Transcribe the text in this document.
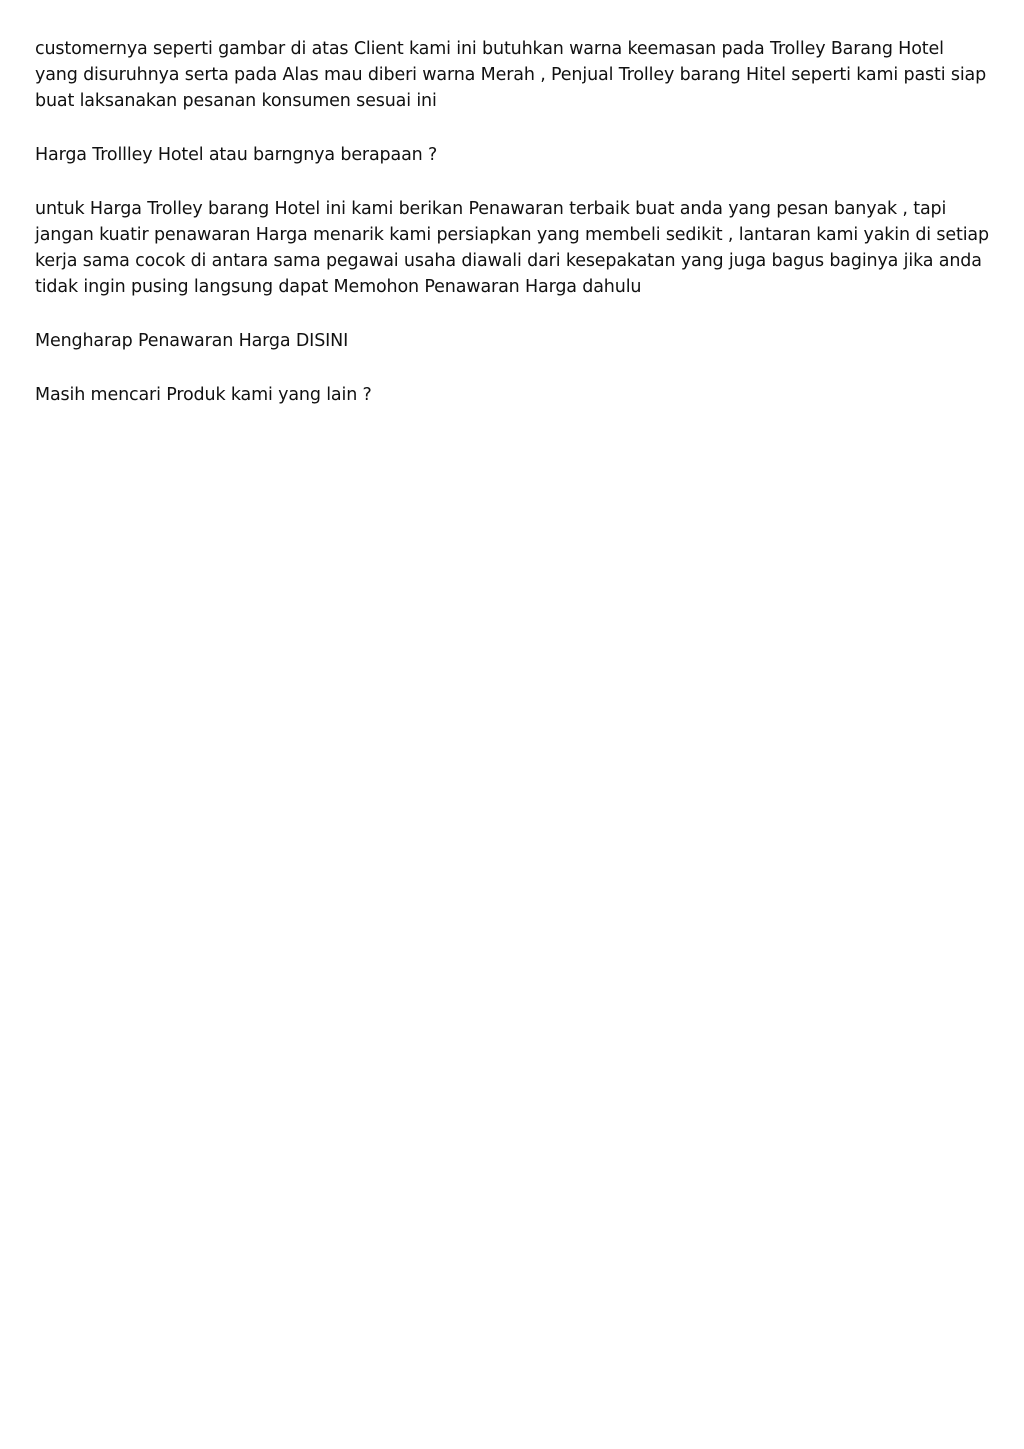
customernya seperti gambar di atas Client kami ini butuhkan warna keemasan pada Trolley Barang Hotel yang disuruhnya serta pada Alas mau diberi warna Merah , Penjual Trolley barang Hitel seperti kami pasti siap buat laksanakan pesanan konsumen sesuai ini

Harga Trollley Hotel atau barngnya berapaan ?

untuk Harga Trolley barang Hotel ini kami berikan Penawaran terbaik buat anda yang pesan banyak , tapi jangan kuatir penawaran Harga menarik kami persiapkan yang membeli sedikit , lantaran kami yakin di setiap kerja sama cocok di antara sama pegawai usaha diawali dari kesepakatan yang juga bagus baginya jika anda tidak ingin pusing langsung dapat Memohon Penawaran Harga dahulu

Mengharap Penawaran Harga DISINI

Masih mencari Produk kami yang lain ?
